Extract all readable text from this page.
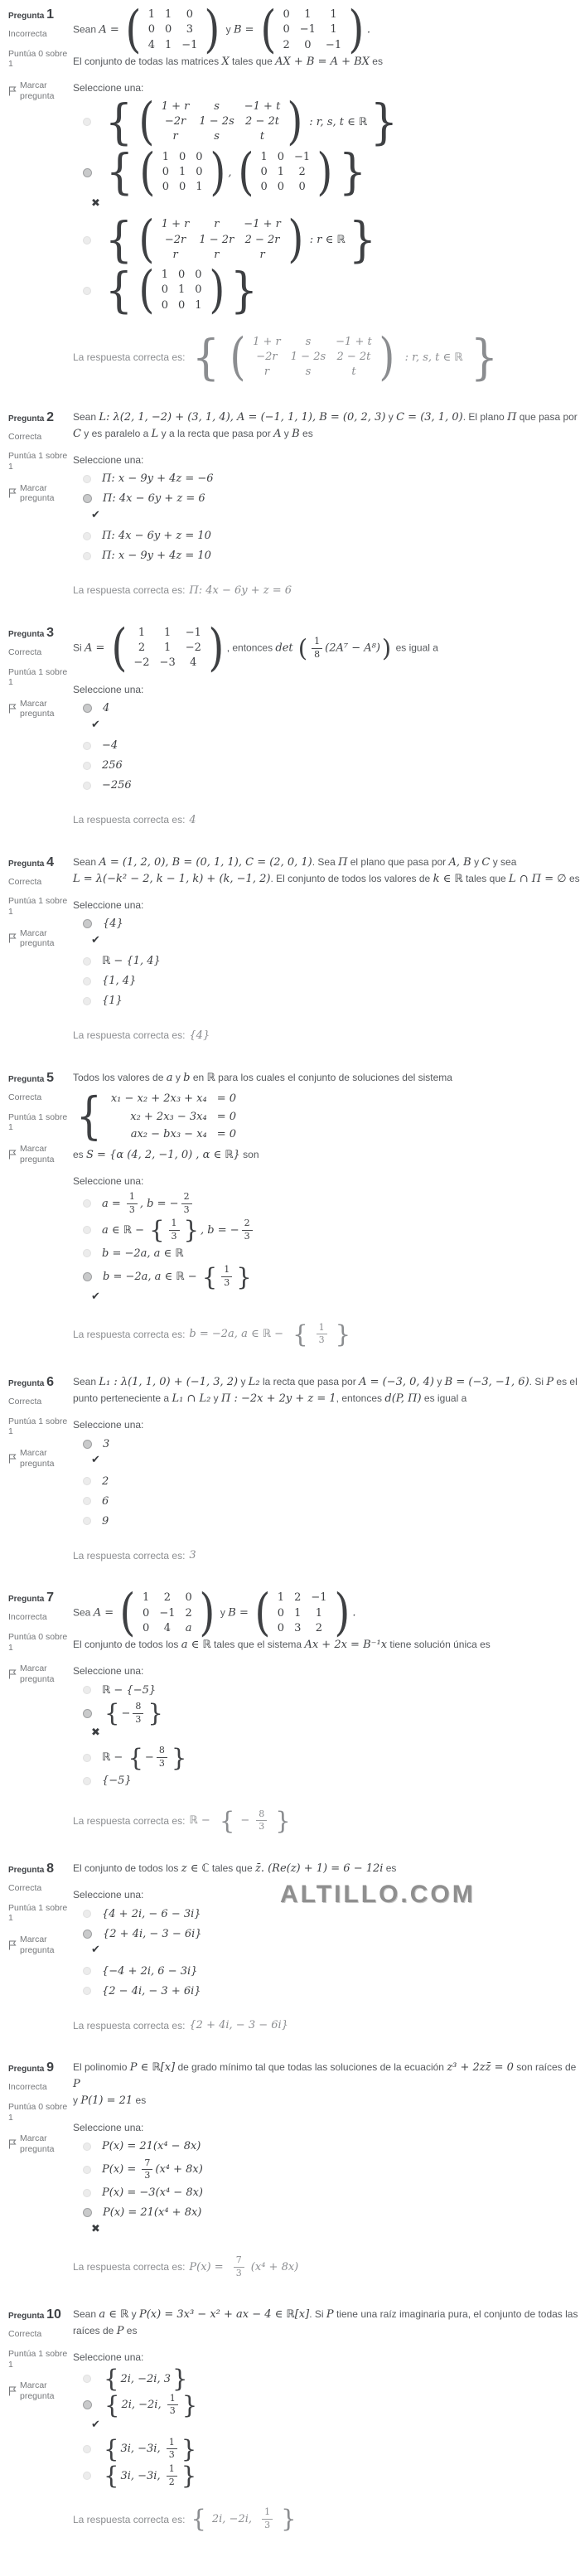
Pregunta 1
Incorrecta
Puntúa 0 sobre 1
Marcar pregunta
Sean A = ( 1	1	0
0	0	3
4	1	−1 ) y B = ( 0	1	1
0	−1	1
2	0	−1 ) .
El conjunto de todas las matrices X tales que AX + B = A + BX es
Seleccione una:
{ ( 1 + r	s	−1 + t
−2r	1 − 2s	2 − 2t
r	s	t ) : r, s, t ∈ ℝ }
{ ( 1	0	0
0	1	0
0	0	1 ) , ( 1	0	−1
0	1	2
0	0	0 ) }
✖
{ ( 1 + r	r	−1 + r
−2r	1 − 2r	2 − 2r
r	r	r ) : r ∈ ℝ }
{ ( 1	0	0
0	1	0
0	0	1 ) }
La respuesta correcta es: { ( 1 + r	s	−1 + t
−2r	1 − 2s	2 − 2t
r	s	t ) : r, s, t ∈ ℝ }
Pregunta 2
Correcta
Puntúa 1 sobre 1
Marcar pregunta
Sean L: λ(2, 1, −2) + (3, 1, 4), A = (−1, 1, 1), B = (0, 2, 3) y C = (3, 1, 0). El plano Π que pasa por C y es paralelo a L y a la recta que pasa por A y B es
Seleccione una:
Π: x − 9y + 4z = −6
Π: 4x − 6y + z = 6
✔
Π: 4x − 6y + z = 10
Π: x − 9y + 4z = 10
La respuesta correcta es: Π: 4x − 6y + z = 6
Pregunta 3
Correcta
Puntúa 1 sobre 1
Marcar pregunta
Si A = ( 1	1	−1
2	1	−2
−2	−3	4 ) , entonces det ( $\frac{1}{8} (2A^7 - A^8)$) es igual a
Seleccione una:
4
✔
−4
256
−256
La respuesta correcta es: 4
Pregunta 4
Correcta
Puntúa 1 sobre 1
Marcar pregunta
Sean A = (1, 2, 0), B = (0, 1, 1), C = (2, 0, 1). Sea Π el plano que pasa por A, B y C y sea
L = λ(−k² − 2, k − 1, k) + (k, −1, 2). El conjunto de todos los valores de k ∈ ℝ tales que L ∩ Π = ∅ es
Seleccione una:
{4}
✔
ℝ − {1, 4}
{1, 4}
{1}
La respuesta correcta es: {4}
Pregunta 5
Correcta
Puntúa 1 sobre 1
Marcar pregunta
Todos los valores de a y b en ℝ para los cuales el conjunto de soluciones del sistema

{ x₁ − x₂ + 2x₃ + x₄	= 0
x₂ + 2x₃ − 3x₄	= 0
ax₂ − bx₃ − x₄	= 0

es S = {α (4, 2, −1, 0) , α ∈ ℝ} son
Seleccione una:
$a = \frac{1}{3}$ , b = − $\frac{2}{3}$
a ∈ ℝ − { $\frac{1}{3}$ } , b = − $\frac{2}{3}$
b = −2a, a ∈ ℝ
b = −2a, a ∈ ℝ − { $\frac{1}{3}$ }
✔
La respuesta correcta es: b = −2a, a ∈ ℝ − { $\frac{1}{3}$ }
Pregunta 6
Correcta
Puntúa 1 sobre 1
Marcar pregunta
Sean L₁ : λ(1, 1, 0) + (−1, 3, 2) y L₂ la recta que pasa por A = (−3, 0, 4) y B = (−3, −1, 6). Si P es el punto perteneciente a L₁ ∩ L₂ y Π : −2x + 2y + z = 1, entonces d(P, Π) es igual a
Seleccione una:
3
✔
2
6
9
La respuesta correcta es: 3
Pregunta 7
Incorrecta
Puntúa 0 sobre 1
Marcar pregunta
Sea A = ( 1	2	0
0	−1	2
0	4	a ) y B = ( 1	2	−1
0	1	1
0	3	2 ) .
El conjunto de todos los a ∈ ℝ tales que el sistema Ax + 2x = B⁻¹x tiene solución única es
Seleccione una:
ℝ − {−5}
{ − $\frac{8}{3}$ }
✖
ℝ − { − $\frac{8}{3}$ }
{−5}
La respuesta correcta es: ℝ − { − $\frac{8}{3}$ }
Pregunta 8
Correcta
Puntúa 1 sobre 1
Marcar pregunta
El conjunto de todos los z ∈ ℂ tales que z̄. (Re(z) + 1) = 6 − 12i es
Seleccione una:
{4 + 2i, − 6 − 3i}
{2 + 4i, − 3 − 6i}
✔
{−4 + 2i, 6 − 3i}
{2 − 4i, − 3 + 6i}
La respuesta correcta es: {2 + 4i, − 3 − 6i}
ALTILLO.COM
Pregunta 9
Incorrecta
Puntúa 0 sobre 1
Marcar pregunta
El polinomio P ∈ ℝ[x] de grado mínimo tal que todas las soluciones de la ecuación z³ + 2zz̄ = 0 son raíces de P
y P(1) = 21 es
Seleccione una:
P(x) = 21(x⁴ − 8x)
$P(x) = \frac{7}{3} (x^4 + 8x)$
P(x) = −3(x⁴ − 8x)
P(x) = 21(x⁴ + 8x)
✖
La respuesta correcta es: $P(x) = \frac{7}{3} (x^4 + 8x)$
Pregunta 10
Correcta
Puntúa 1 sobre 1
Marcar pregunta
Sean a ∈ ℝ y P(x) = 3x³ − x² + ax − 4 ∈ ℝ[x]. Si P tiene una raíz imaginaria pura, el conjunto de todas las raíces de P es
Seleccione una:
{ 2i, −2i, 3 }
{ 2i, −2i, $\frac{1}{3}$ }
✔
{ 3i, −3i, $\frac{1}{3}$ }
{ 3i, −3i, $\frac{1}{2}$ }
La respuesta correcta es: { 2i, −2i, $\frac{1}{3}$ }
